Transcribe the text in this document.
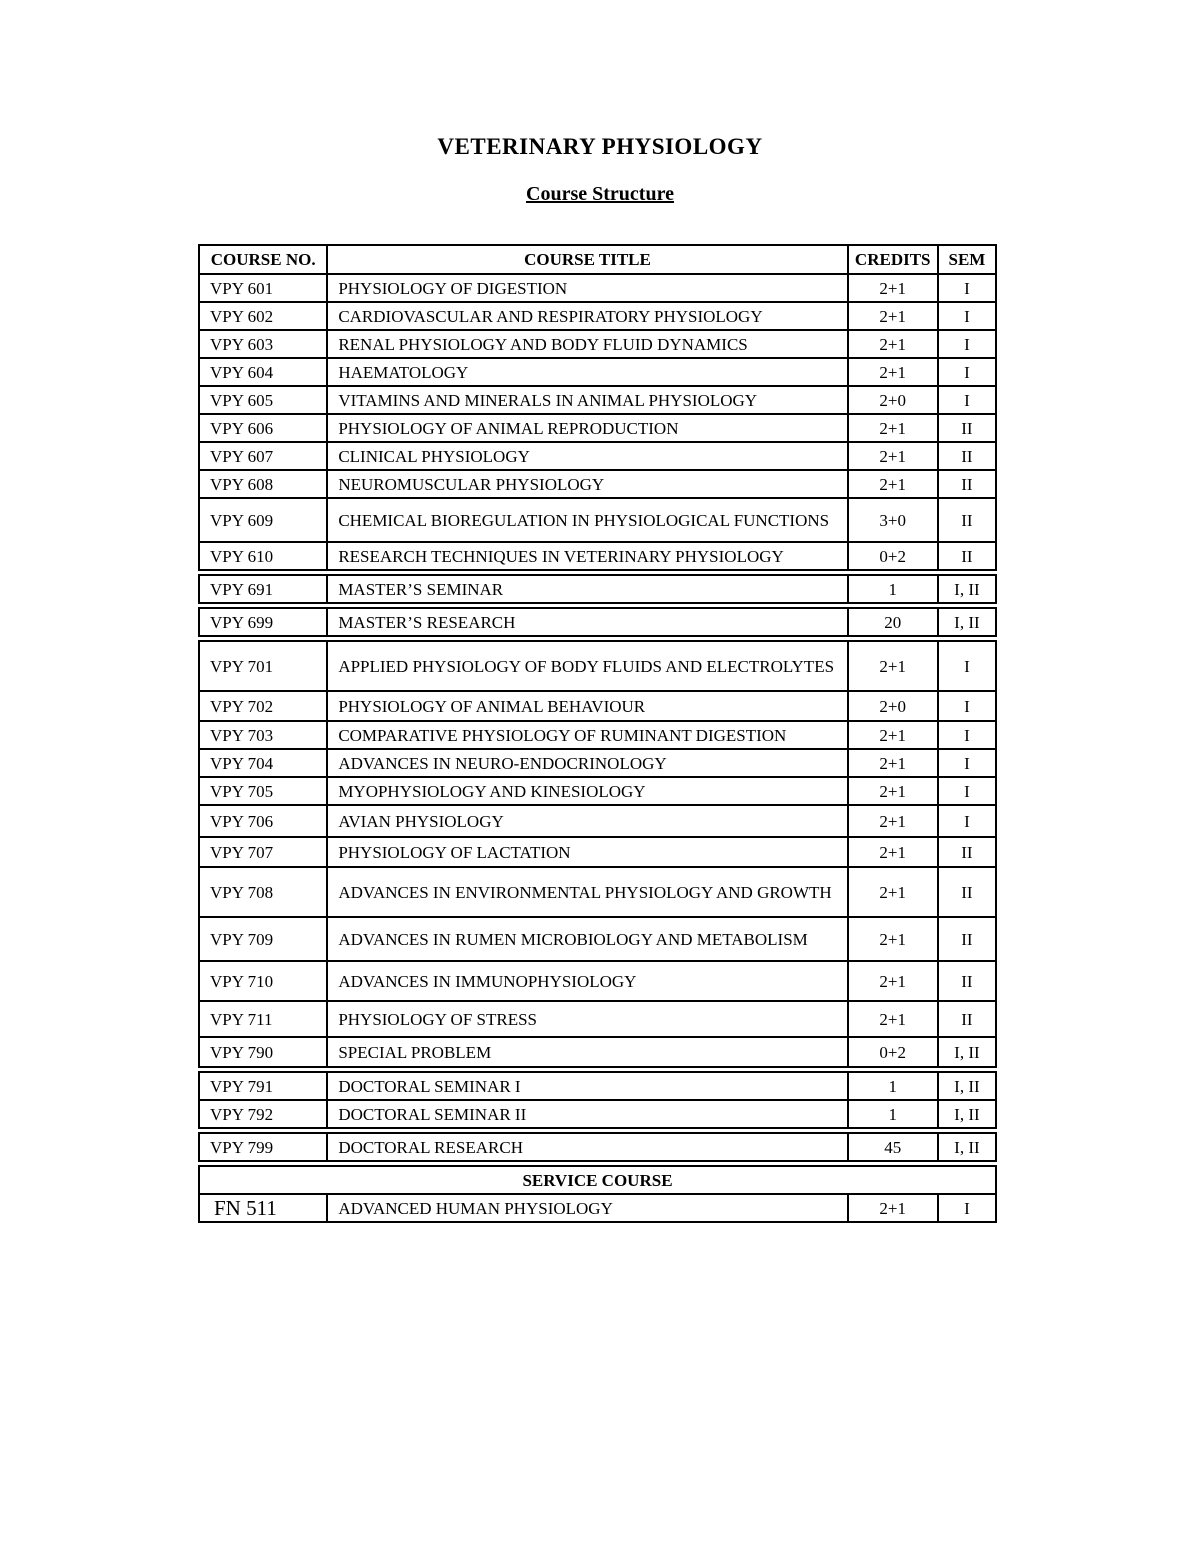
VETERINARY PHYSIOLOGY
Course Structure
COURSE NO.	COURSE TITLE	CREDITS	SEM
VPY 601	PHYSIOLOGY OF DIGESTION	2+1	I
VPY 602	CARDIOVASCULAR AND RESPIRATORY PHYSIOLOGY	2+1	I
VPY 603	RENAL PHYSIOLOGY AND BODY FLUID DYNAMICS	2+1	I
VPY 604	HAEMATOLOGY	2+1	I
VPY 605	VITAMINS AND MINERALS IN ANIMAL PHYSIOLOGY	2+0	I
VPY 606	PHYSIOLOGY OF ANIMAL REPRODUCTION	2+1	II
VPY 607	CLINICAL PHYSIOLOGY	2+1	II
VPY 608	NEUROMUSCULAR PHYSIOLOGY	2+1	II
VPY 609	CHEMICAL BIOREGULATION IN PHYSIOLOGICAL FUNCTIONS	3+0	II
VPY 610	RESEARCH TECHNIQUES IN VETERINARY PHYSIOLOGY	0+2	II

VPY 691	MASTER’S SEMINAR	1	I, II

VPY 699	MASTER’S RESEARCH	20	I, II

VPY 701	APPLIED PHYSIOLOGY OF BODY FLUIDS AND ELECTROLYTES	2+1	I
VPY 702	PHYSIOLOGY OF ANIMAL BEHAVIOUR	2+0	I
VPY 703	COMPARATIVE PHYSIOLOGY OF RUMINANT DIGESTION	2+1	I
VPY 704	ADVANCES IN NEURO-ENDOCRINOLOGY	2+1	I
VPY 705	MYOPHYSIOLOGY AND KINESIOLOGY	2+1	I
VPY 706	AVIAN PHYSIOLOGY	2+1	I
VPY 707	PHYSIOLOGY OF LACTATION	2+1	II
VPY 708	ADVANCES IN ENVIRONMENTAL PHYSIOLOGY AND GROWTH	2+1	II
VPY 709	ADVANCES IN RUMEN MICROBIOLOGY AND METABOLISM	2+1	II
VPY 710	ADVANCES IN IMMUNOPHYSIOLOGY	2+1	II
VPY 711	PHYSIOLOGY OF STRESS	2+1	II
VPY 790	SPECIAL PROBLEM	0+2	I, II

VPY 791	DOCTORAL SEMINAR I	1	I, II
VPY 792	DOCTORAL SEMINAR II	1	I, II

VPY 799	DOCTORAL RESEARCH	45	I, II

SERVICE COURSE			
FN 511	ADVANCED HUMAN PHYSIOLOGY	2+1	I
